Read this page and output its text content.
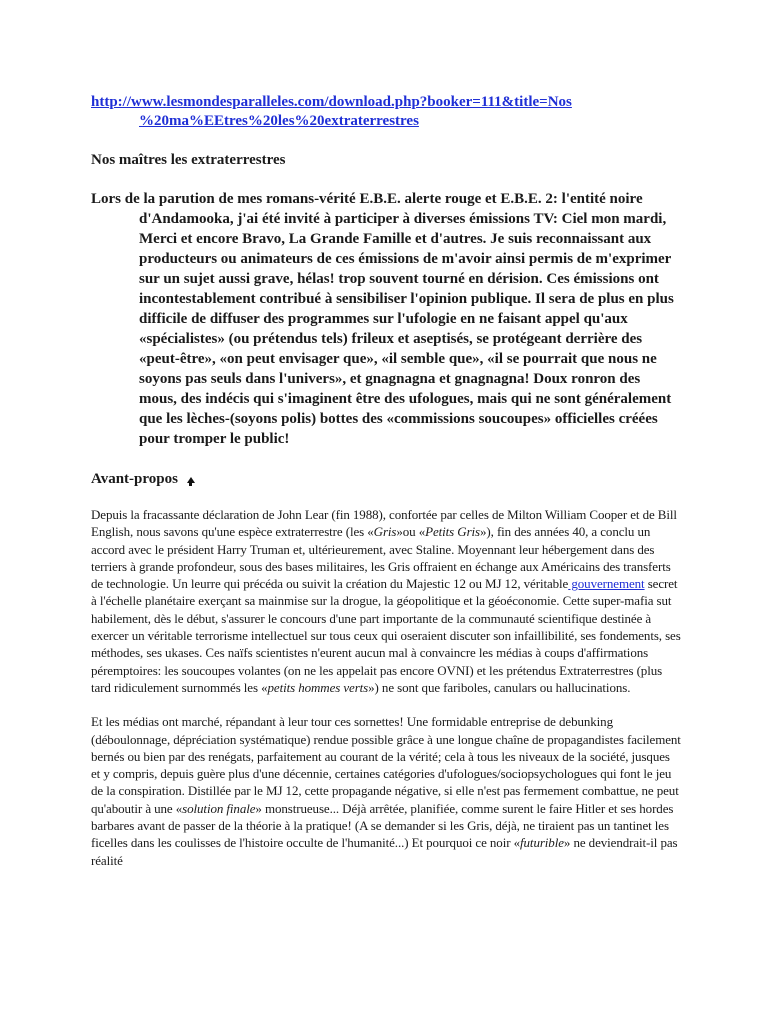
http://www.lesmondesparalleles.com/download.php?booker=111&title=Nos
%20ma%EEtres%20les%20extraterrestres

Nos maîtres les extraterrestres

Lors de la parution de mes romans-vérité E.B.E. alerte rouge et E.B.E. 2: l'entité noire d'Andamooka, j'ai été invité à participer à diverses émissions TV: Ciel mon mardi, Merci et encore Bravo, La Grande Famille et d'autres. Je suis reconnaissant aux producteurs ou animateurs de ces émissions de m'avoir ainsi permis de m'exprimer sur un sujet aussi grave, hélas! trop souvent tourné en dérision. Ces émissions ont incontestablement contribué à sensibiliser l'opinion publique. Il sera de plus en plus difficile de diffuser des programmes sur l'ufologie en ne faisant appel qu'aux «spécialistes» (ou prétendus tels) frileux et aseptisés, se protégeant derrière des «peut-être», «on peut envisager que», «il semble que», «il se pourrait que nous ne soyons pas seuls dans l'univers», et gnagnagna et gnagnagna! Doux ronron des mous, des indécis qui s'imaginent être des ufologues, mais qui ne sont généralement que les lèches-(soyons polis) bottes des «commissions soucoupes» officielles créées pour tromper le public!

Avant-propos

Depuis la fracassante déclaration de John Lear (fin 1988), confortée par celles de Milton William Cooper et de Bill English, nous savons qu'une espèce extraterrestre (les «Gris»ou «Petits Gris»), fin des années 40, a conclu un accord avec le président Harry Truman et, ultérieurement, avec Staline. Moyennant leur hébergement dans des terriers à grande profondeur, sous des bases militaires, les Gris offraient en échange aux Américains des transferts de technologie. Un leurre qui précéda ou suivit la création du Majestic 12 ou MJ 12, véritable gouvernement secret à l'échelle planétaire exerçant sa mainmise sur la drogue, la géopolitique et la géoéconomie. Cette super-mafia sut habilement, dès le début, s'assurer le concours d'une part importante de la communauté scientifique destinée à exercer un véritable terrorisme intellectuel sur tous ceux qui oseraient discuter son infaillibilité, ses fondements, ses méthodes, ses ukases. Ces naïfs scientistes n'eurent aucun mal à convaincre les médias à coups d'affirmations péremptoires: les soucoupes volantes (on ne les appelait pas encore OVNI) et les prétendus Extraterrestres (plus tard ridiculement surnommés les «petits hommes verts») ne sont que fariboles, canulars ou hallucinations.

Et les médias ont marché, répandant à leur tour ces sornettes! Une formidable entreprise de debunking (déboulonnage, dépréciation systématique) rendue possible grâce à une longue chaîne de propagandistes facilement bernés ou bien par des renégats, parfaitement au courant de la vérité; cela à tous les niveaux de la société, jusques et y compris, depuis guère plus d'une décennie, certaines catégories d'ufologues/sociopsychologues qui font le jeu de la conspiration. Distillée par le MJ 12, cette propagande négative, si elle n'est pas fermement combattue, ne peut qu'aboutir à une «solution finale» monstrueuse... Déjà arrêtée, planifiée, comme surent le faire Hitler et ses hordes barbares avant de passer de la théorie à la pratique! (A se demander si les Gris, déjà, ne tiraient pas un tantinet les ficelles dans les coulisses de l'histoire occulte de l'humanité...) Et pourquoi ce noir «futurible» ne deviendrait-il pas réalité
